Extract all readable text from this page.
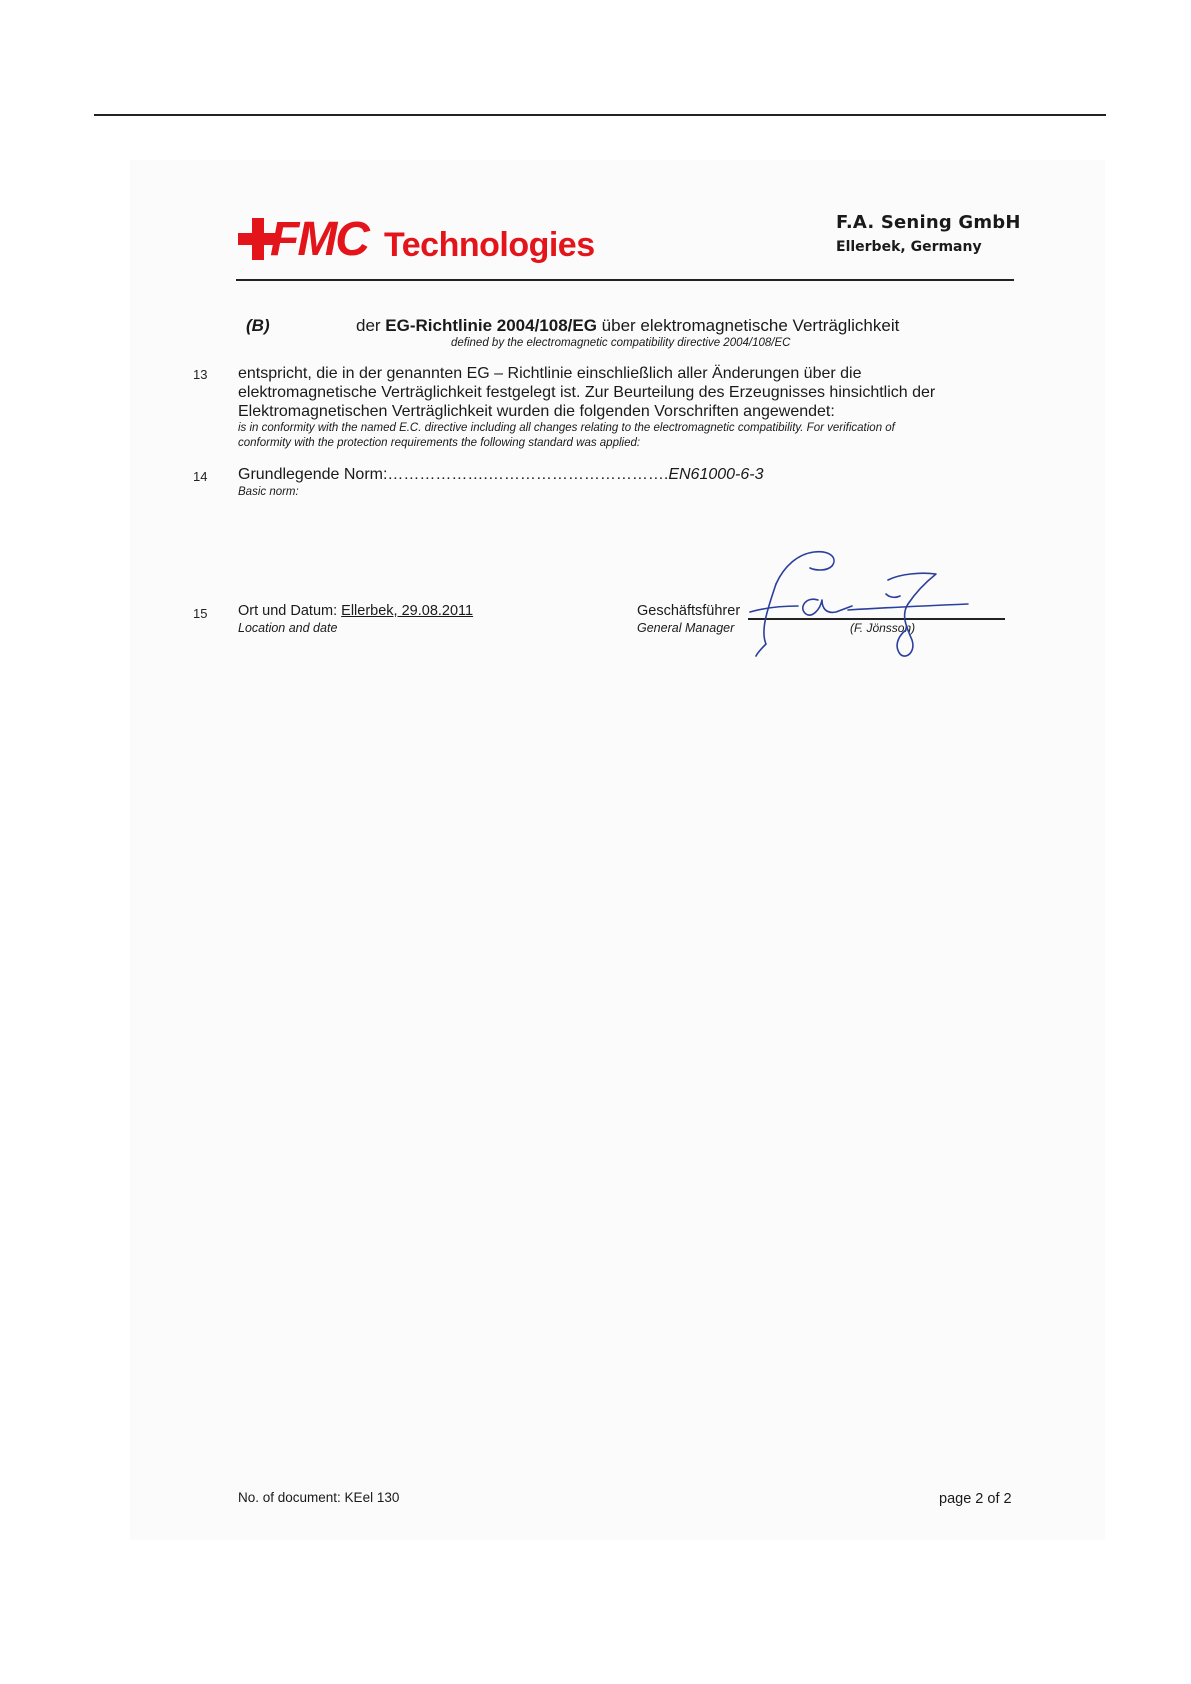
FMC Technologies
F.A. Sening GmbH
Ellerbek, Germany
(B)	der EG-Richtlinie 2004/108/EG über elektromagnetische Verträglichkeit
defined by the electromagnetic compatibility directive 2004/108/EC
13 entspricht, die in der genannten EG – Richtlinie einschließlich aller Änderungen über die
elektromagnetische Verträglichkeit festgelegt ist. Zur Beurteilung des Erzeugnisses hinsichtlich der
Elektromagnetischen Verträglichkeit wurden die folgenden Vorschriften angewendet:
is in conformity with the named E.C. directive including all changes relating to the electromagnetic compatibility. For verification of
conformity with the protection requirements the following standard was applied:
14 Grundlegende Norm:……………….…………………………….EN61000-6-3
Basic norm:
15 Ort und Datum: Ellerbek, 29.08.2011
Location and date
Geschäftsführer
General Manager	(F. Jönsson)
No. of document: KEel 130	page 2 of 2
